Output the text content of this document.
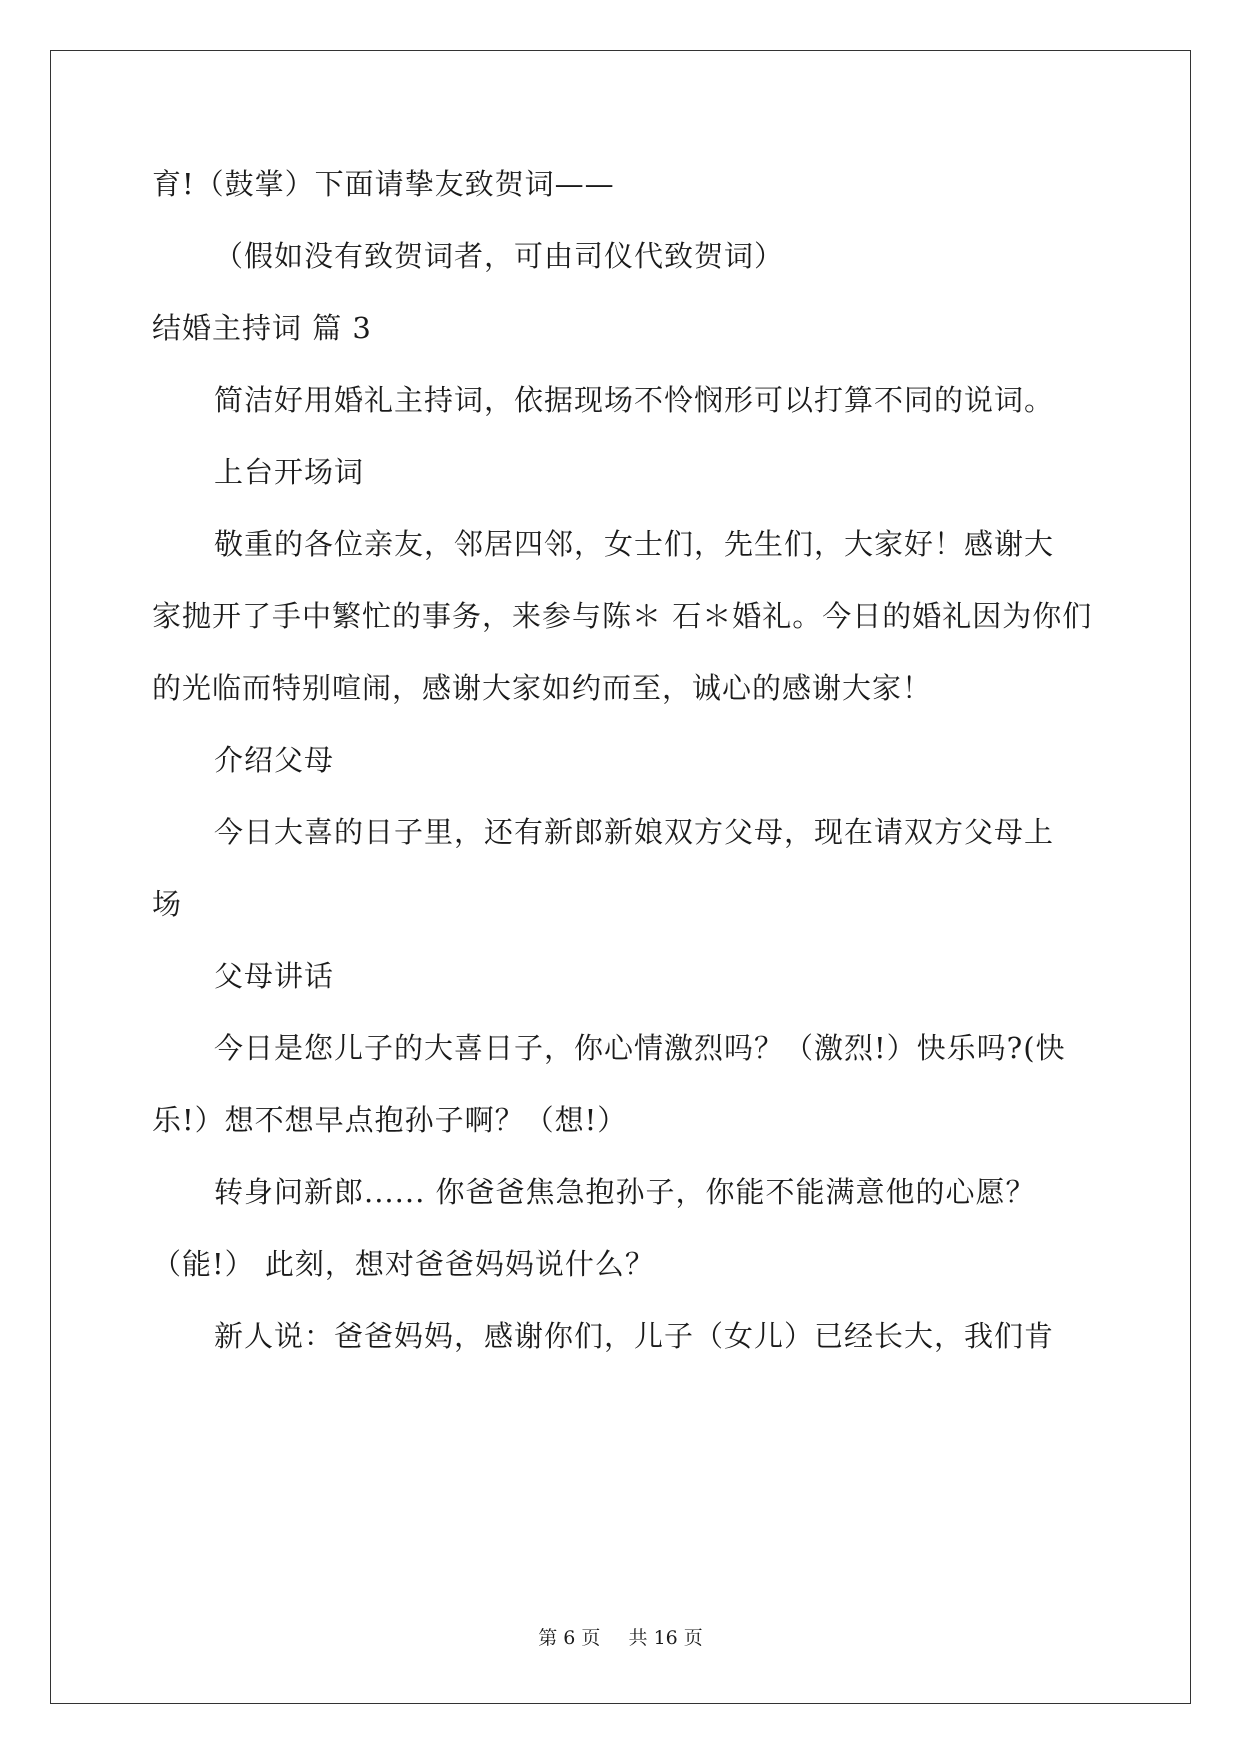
育!（鼓掌）下面请挚友致贺词——
（假如没有致贺词者，可由司仪代致贺词）
结婚主持词 篇 3
简洁好用婚礼主持词，依据现场不怜悯形可以打算不同的说词。
上台开场词
敬重的各位亲友，邻居四邻，女士们，先生们，大家好！感谢大
家抛开了手中繁忙的事务，来参与陈＊ 石＊婚礼。今日的婚礼因为你们
的光临而特别喧闹，感谢大家如约而至，诚心的感谢大家！
介绍父母
今日大喜的日子里，还有新郎新娘双方父母，现在请双方父母上
场
父母讲话
今日是您儿子的大喜日子，你心情激烈吗？（激烈!）快乐吗?(快
乐!）想不想早点抱孙子啊？（想!）
转身问新郎...... 你爸爸焦急抱孙子，你能不能满意他的心愿？
（能!） 此刻，想对爸爸妈妈说什么？
新人说：爸爸妈妈，感谢你们，儿子（女儿）已经长大，我们肯
第 6 页 共 16 页
